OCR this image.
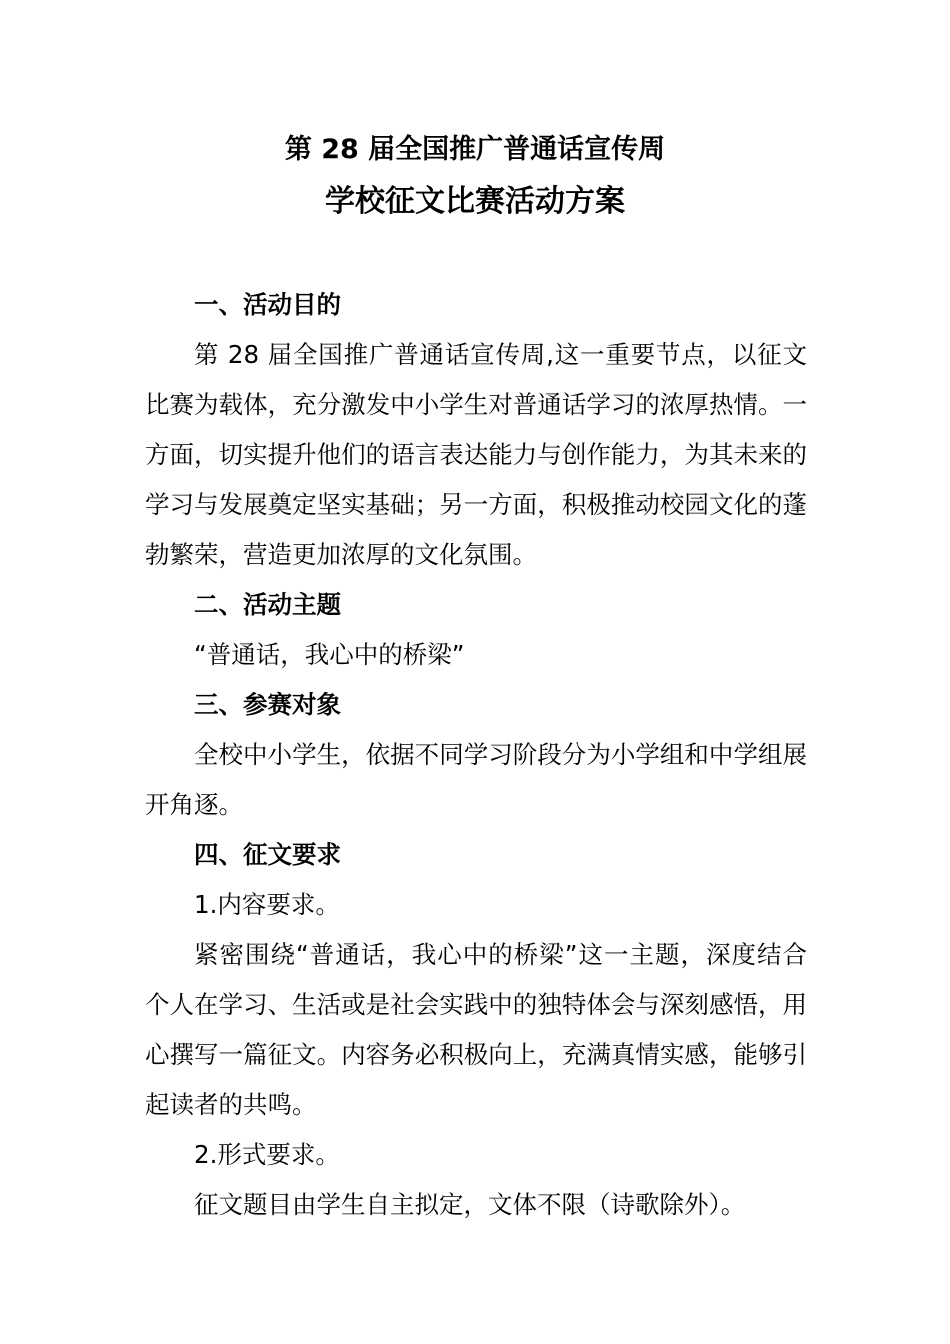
第 28 届全国推广普通话宣传周
学校征文比赛活动方案

一、活动目的

第 28 届全国推广普通话宣传周,这一重要节点，以征文比赛为载体，充分激发中小学生对普通话学习的浓厚热情。一方面，切实提升他们的语言表达能力与创作能力，为其未来的学习与发展奠定坚实基础；另一方面，积极推动校园文化的蓬勃繁荣，营造更加浓厚的文化氛围。

二、活动主题

“普通话，我心中的桥梁”

三、参赛对象

全校中小学生，依据不同学习阶段分为小学组和中学组展开角逐。

四、征文要求

1.内容要求。

紧密围绕“普通话，我心中的桥梁”这一主题，深度结合个人在学习、生活或是社会实践中的独特体会与深刻感悟，用心撰写一篇征文。内容务必积极向上，充满真情实感，能够引起读者的共鸣。

2.形式要求。

征文题目由学生自主拟定，文体不限（诗歌除外）。
